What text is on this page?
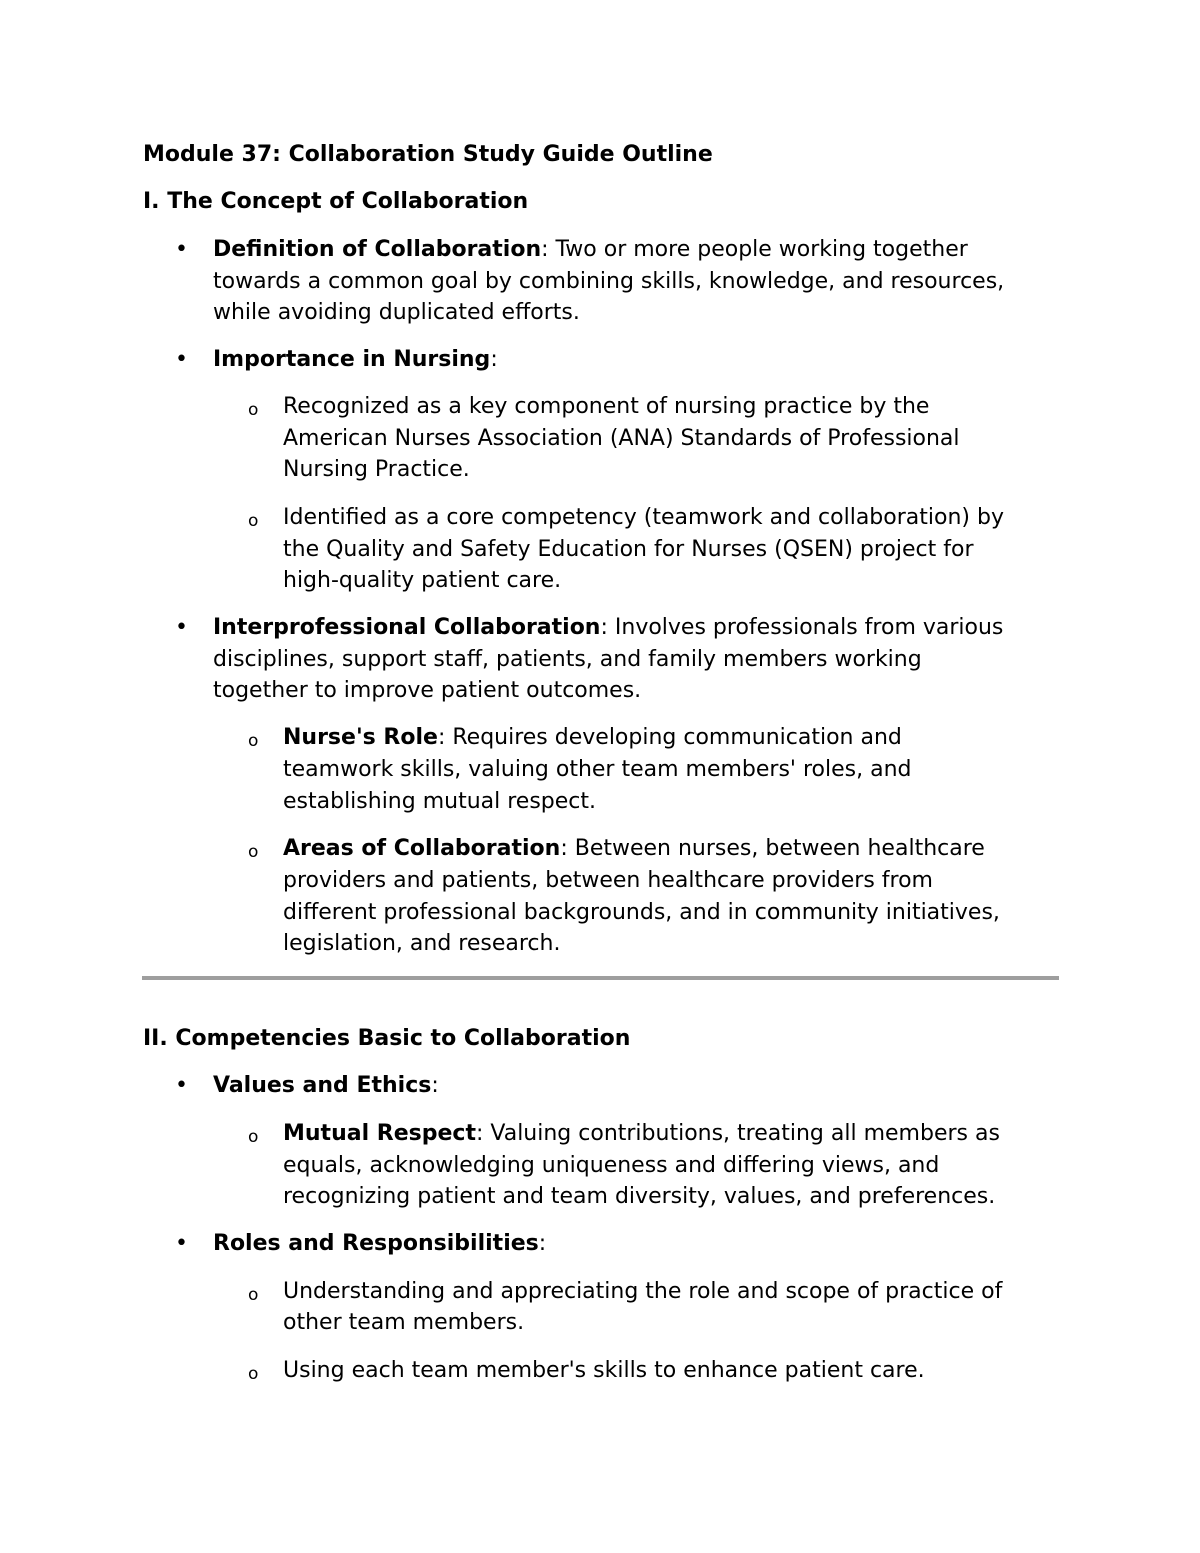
Module 37: Collaboration Study Guide Outline

I. The Concept of Collaboration

• Definition of Collaboration: Two or more people working together

towards a common goal by combining skills, knowledge, and resources,

while avoiding duplicated efforts.

• Importance in Nursing:

o Recognized as a key component of nursing practice by the

American Nurses Association (ANA) Standards of Professional

Nursing Practice.

o Identified as a core competency (teamwork and collaboration) by

the Quality and Safety Education for Nurses (QSEN) project for

high-quality patient care.

• Interprofessional Collaboration: Involves professionals from various

disciplines, support staff, patients, and family members working

together to improve patient outcomes.

o Nurse's Role: Requires developing communication and

teamwork skills, valuing other team members' roles, and

establishing mutual respect.

o Areas of Collaboration: Between nurses, between healthcare

providers and patients, between healthcare providers from

different professional backgrounds, and in community initiatives,

legislation, and research.

II. Competencies Basic to Collaboration

• Values and Ethics:

o Mutual Respect: Valuing contributions, treating all members as

equals, acknowledging uniqueness and differing views, and

recognizing patient and team diversity, values, and preferences.

• Roles and Responsibilities:

o Understanding and appreciating the role and scope of practice of

other team members.

o Using each team member's skills to enhance patient care.
